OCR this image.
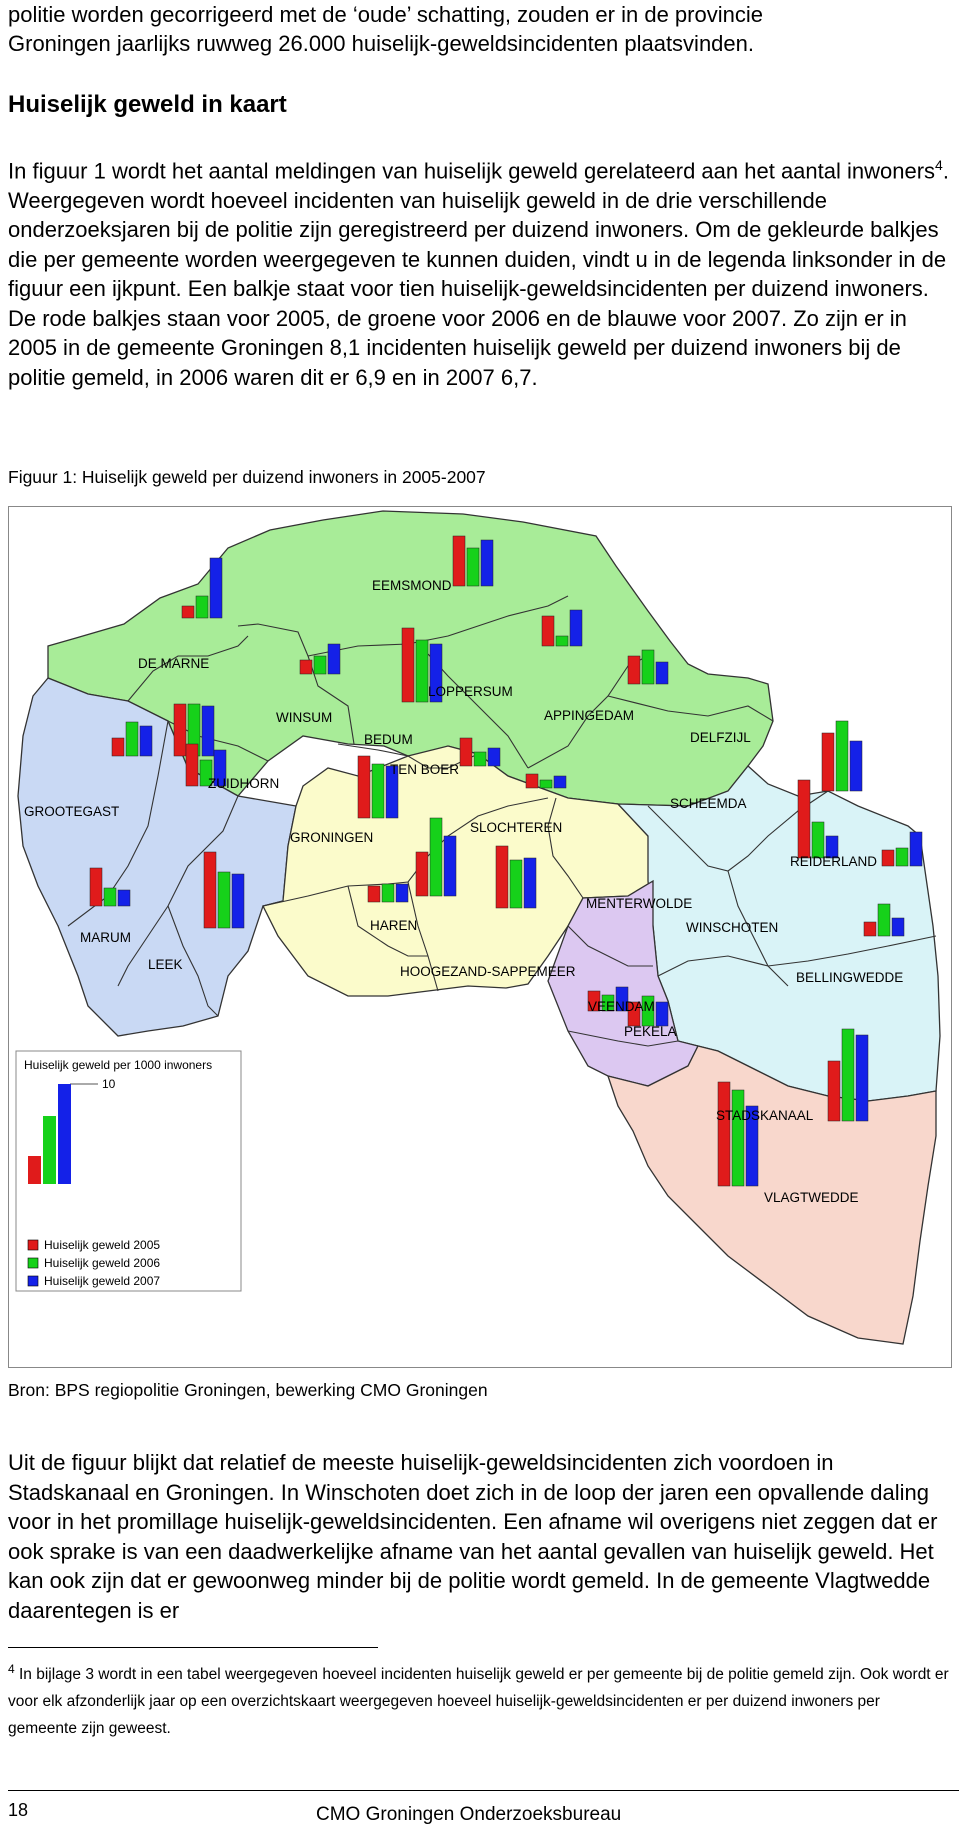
politie worden gecorrigeerd met de ‘oude’ schatting, zouden er in de provincie

Groningen jaarlijks ruwweg 26.000 huiselijk-geweldsincidenten plaatsvinden.

Huiselijk geweld in kaart

In figuur 1 wordt het aantal meldingen van huiselijk geweld gerelateerd aan het aantal inwoners$^4$. Weergegeven wordt hoeveel incidenten van huiselijk geweld in de drie verschillende onderzoeksjaren bij de politie zijn geregistreerd per duizend inwoners. Om de gekleurde balkjes die per gemeente worden weergegeven te kunnen duiden, vindt u in de legenda linksonder in de figuur een ijkpunt. Een balkje staat voor tien huiselijk-geweldsincidenten per duizend inwoners. De rode balkjes staan voor 2005, de groene voor 2006 en de blauwe voor 2007. Zo zijn er in 2005 in de gemeente Groningen 8,1 incidenten huiselijk geweld per duizend inwoners bij de politie gemeld, in 2006 waren dit er 6,9 en in 2007 6,7.

Figuur 1: Huiselijk geweld per duizend inwoners in 2005-2007
EEMSMOND
DE MARNE
LOPPERSUM
APPINGEDAM
WINSUM
BEDUM	DELFZIJL
TEN BOER
ZUIDHORN
GROOTEGAST
SCHEEMDA
SLOCHTEREN
GRONINGEN
REIDERLAND
MENTERWOLDE
WINSCHOTEN
MARUM
HAREN
LEEK
BELLINGWEDDE
HOOGEZAND-SAPPEMEER
VEENDAM
PEKELA
STADSKANAAL
VLAGTWEDDE
Huiselijk geweld per 1000 inwoners
10
Huiselijk geweld 2005
Huiselijk geweld 2006
Huiselijk geweld 2007
Bron: BPS regiopolitie Groningen, bewerking CMO Groningen

Uit de figuur blijkt dat relatief de meeste huiselijk-geweldsincidenten zich voordoen in Stadskanaal en Groningen. In Winschoten doet zich in de loop der jaren een opvallende daling voor in het promillage huiselijk-geweldsincidenten. Een afname wil overigens niet zeggen dat er ook sprake is van een daadwerkelijke afname van het aantal gevallen van huiselijk geweld. Het kan ook zijn dat er gewoonweg minder bij de politie wordt gemeld. In de gemeente Vlagtwedde daarentegen is er

$^4$ In bijlage 3 wordt in een tabel weergegeven hoeveel incidenten huiselijk geweld er per gemeente bij de politie gemeld zijn. Ook wordt er voor elk afzonderlijk jaar op een overzichtskaart weergegeven hoeveel huiselijk-geweldsincidenten er per duizend inwoners per gemeente zijn geweest.
18	CMO Groningen Onderzoeksbureau
